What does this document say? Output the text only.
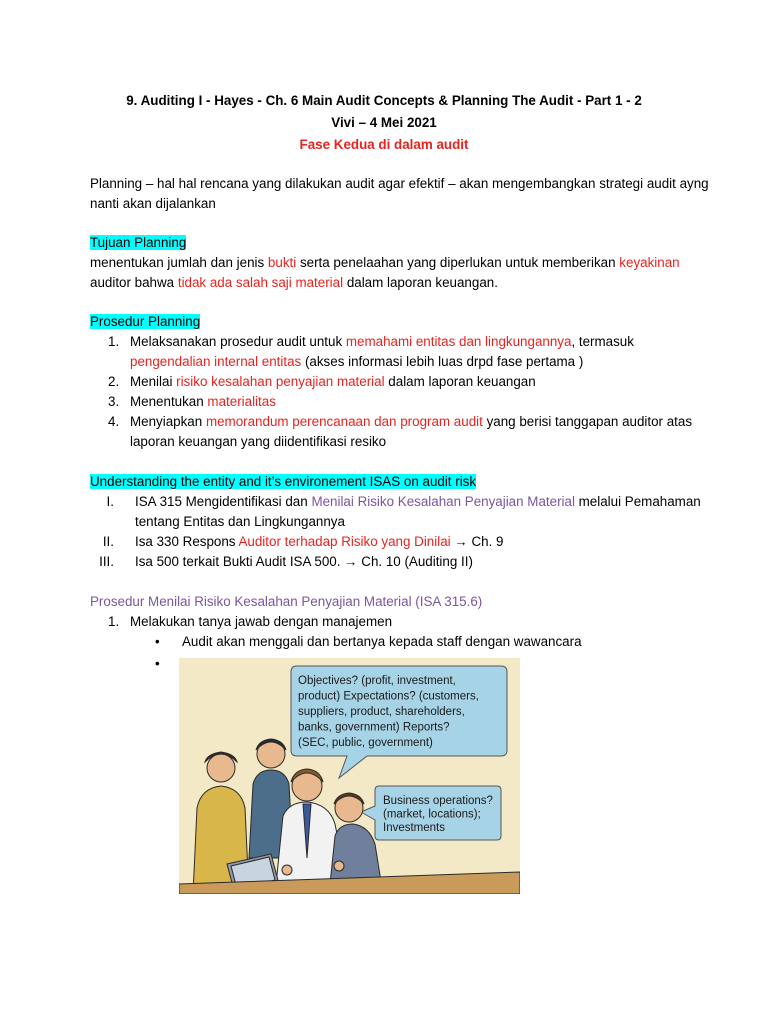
9. Auditing I - Hayes - Ch. 6 Main Audit Concepts & Planning The Audit - Part 1 - 2
Vivi – 4 Mei 2021
Fase Kedua di dalam audit
Planning – hal hal rencana yang dilakukan audit agar efektif – akan mengembangkan strategi audit ayng
nanti akan dijalankan
Tujuan Planning
menentukan jumlah dan jenis bukti serta penelaahan yang diperlukan untuk memberikan keyakinan
auditor bahwa tidak ada salah saji material dalam laporan keuangan.
Prosedur Planning
1. Melaksanakan prosedur audit untuk memahami entitas dan lingkungannya, termasuk
pengendalian internal entitas (akses informasi lebih luas drpd fase pertama )
2. Menilai risiko kesalahan penyajian material dalam laporan keuangan
3. Menentukan materialitas
4. Menyiapkan memorandum perencanaan dan program audit yang berisi tanggapan auditor atas
laporan keuangan yang diidentifikasi resiko
Understanding the entity and it’s environement ISAS on audit risk
I. ISA 315 Mengidentifikasi dan Menilai Risiko Kesalahan Penyajian Material melalui Pemahaman
tentang Entitas dan Lingkungannya
II. Isa 330 Respons Auditor terhadap Risiko yang Dinilai → Ch. 9
III. Isa 500 terkait Bukti Audit ISA 500. → Ch. 10 (Auditing II)
Prosedur Menilai Risiko Kesalahan Penyajian Material (ISA 315.6)
1. Melakukan tanya jawab dengan manajemen
• Audit akan menggali dan bertanya kepada staff dengan wawancara
•
Objectives? (profit, investment,
product) Expectations? (customers,
suppliers, product, shareholders,
banks, government) Reports?
(SEC, public, government)
Business operations?
(market, locations);
Investments
